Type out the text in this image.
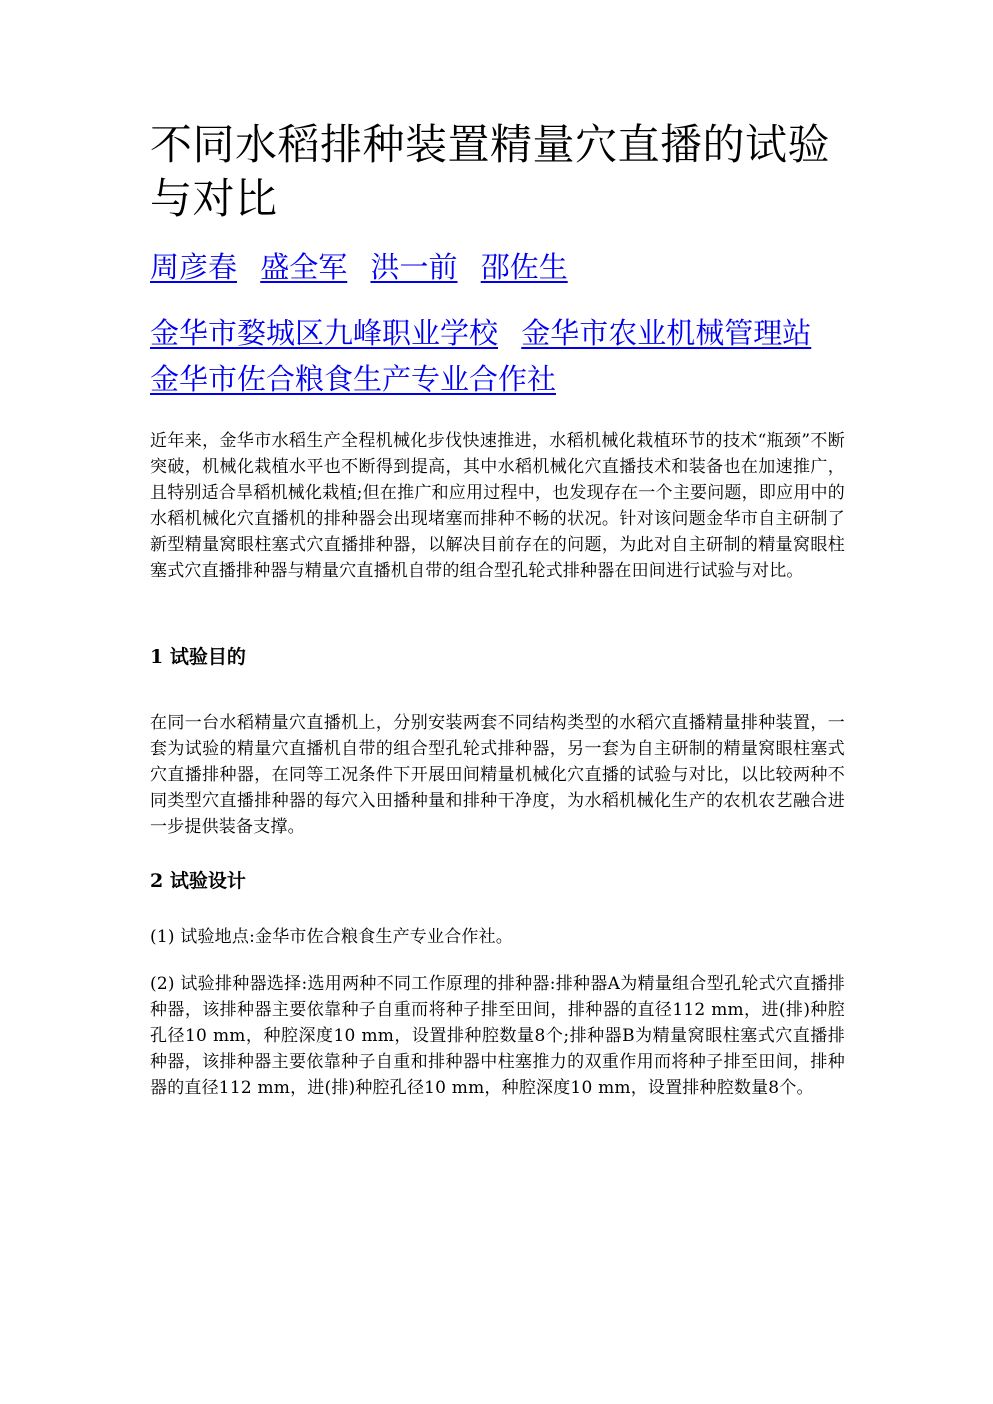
不同水稻排种装置精量穴直播的试验与对比
周彦春 盛全军 洪一前 邵佐生
金华市婺城区九峰职业学校 金华市农业机械管理站 金华市佐合粮食生产专业合作社
近年来，金华市水稻生产全程机械化步伐快速推进，水稻机械化栽植环节的技术“瓶颈”不断突破，机械化栽植水平也不断得到提高，其中水稻机械化穴直播技术和装备也在加速推广，且特别适合旱稻机械化栽植;但在推广和应用过程中，也发现存在一个主要问题，即应用中的水稻机械化穴直播机的排种器会出现堵塞而排种不畅的状况。针对该问题金华市自主研制了新型精量窝眼柱塞式穴直播排种器，以解决目前存在的问题，为此对自主研制的精量窝眼柱塞式穴直播排种器与精量穴直播机自带的组合型孔轮式排种器在田间进行试验与对比。
1 试验目的
在同一台水稻精量穴直播机上，分别安装两套不同结构类型的水稻穴直播精量排种装置，一套为试验的精量穴直播机自带的组合型孔轮式排种器，另一套为自主研制的精量窝眼柱塞式穴直播排种器，在同等工况条件下开展田间精量机械化穴直播的试验与对比，以比较两种不同类型穴直播排种器的每穴入田播种量和排种干净度，为水稻机械化生产的农机农艺融合进一步提供装备支撑。
2 试验设计
(1) 试验地点:金华市佐合粮食生产专业合作社。
(2) 试验排种器选择:选用两种不同工作原理的排种器:排种器A为精量组合型孔轮式穴直播排种器，该排种器主要依靠种子自重而将种子排至田间，排种器的直径112 mm，进(排)种腔孔径10 mm，种腔深度10 mm，设置排种腔数量8个;排种器B为精量窝眼柱塞式穴直播排种器，该排种器主要依靠种子自重和排种器中柱塞推力的双重作用而将种子排至田间，排种器的直径112 mm，进(排)种腔孔径10 mm，种腔深度10 mm，设置排种腔数量8个。
